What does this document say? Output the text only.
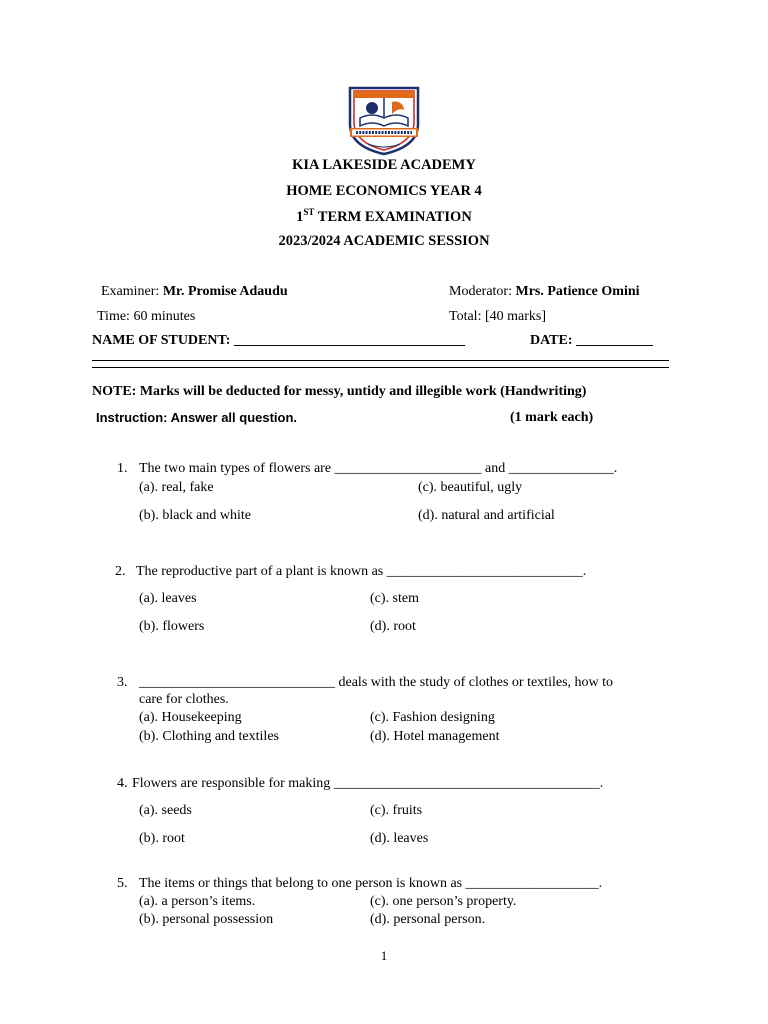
KIA LAKESIDE ACADEMY
HOME ECONOMICS YEAR 4
1ST TERM EXAMINATION
2023/2024 ACADEMIC SESSION
Examiner: Mr. Promise Adaudu	Moderator: Mrs. Patience Omini
Time: 60 minutes	Total: [40 marks]
NAME OF STUDENT: _________________________________	DATE: ___________
NOTE: Marks will be deducted for messy, untidy and illegible work (Handwriting)
Instruction: Answer all question.	(1 mark each)
1. The two main types of flowers are _____________________ and _______________.
(a). real, fake	(c). beautiful, ugly
(b). black and white	(d). natural and artificial
2. The reproductive part of a plant is known as ____________________________.
(a). leaves	(c). stem
(b). flowers	(d). root
3. ____________________________ deals with the study of clothes or textiles, how to
care for clothes.
(a). Housekeeping	(c). Fashion designing
(b). Clothing and textiles	(d). Hotel management
4. Flowers are responsible for making ______________________________________.
(a). seeds	(c). fruits
(b). root	(d). leaves
5. The items or things that belong to one person is known as ___________________.
(a). a person’s items.	(c). one person’s property.
(b). personal possession	(d). personal person.
1
